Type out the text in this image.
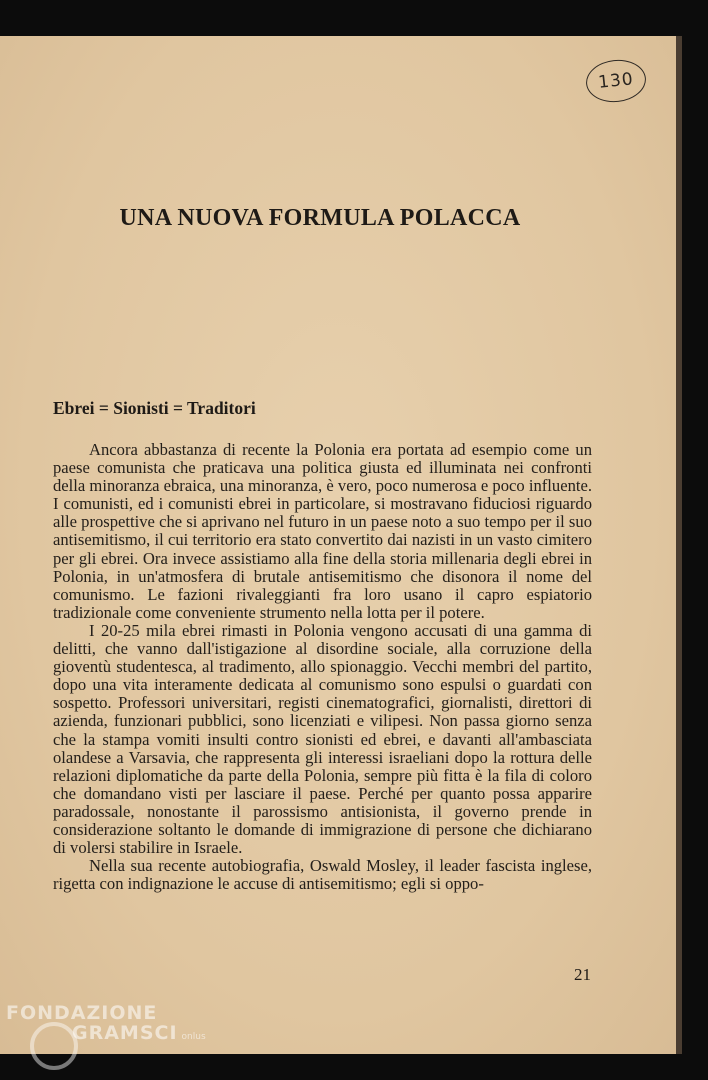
130
UNA NUOVA FORMULA POLACCA
Ebrei = Sionisti = Traditori

Ancora abbastanza di recente la Polonia era portata ad esempio come un paese comunista che praticava una politica giusta ed illuminata nei confronti della minoranza ebraica, una minoranza, è vero, poco numerosa e poco influente. I comunisti, ed i comunisti ebrei in particolare, si mostravano fiduciosi riguardo alle prospettive che si aprivano nel futuro in un paese noto a suo tempo per il suo antisemitismo, il cui territorio era stato convertito dai nazisti in un vasto cimitero per gli ebrei. Ora invece assistiamo alla fine della storia millenaria degli ebrei in Polonia, in un'atmosfera di brutale antisemitismo che disonora il nome del comunismo. Le fazioni rivaleggianti fra loro usano il capro espiatorio tradizionale come conveniente strumento nella lotta per il potere.

I 20-25 mila ebrei rimasti in Polonia vengono accusati di una gamma di delitti, che vanno dall'istigazione al disordine sociale, alla corruzione della gioventù studentesca, al tradimento, allo spionaggio. Vecchi membri del partito, dopo una vita interamente dedicata al comunismo sono espulsi o guardati con sospetto. Professori universitari, registi cinematografici, giornalisti, direttori di azienda, funzionari pubblici, sono licenziati e vilipesi. Non passa giorno senza che la stampa vomiti insulti contro sionisti ed ebrei, e davanti all'ambasciata olandese a Varsavia, che rappresenta gli interessi israeliani dopo la rottura delle relazioni diplomatiche da parte della Polonia, sempre più fitta è la fila di coloro che domandano visti per lasciare il paese. Perché per quanto possa apparire paradossale, nonostante il parossismo antisionista, il governo prende in considerazione soltanto le domande di immigrazione di persone che dichiarano di volersi stabilire in Israele.

Nella sua recente autobiografia, Oswald Mosley, il leader fascista inglese, rigetta con indignazione le accuse di antisemitismo; egli si oppo-

21

FONDAZIONE
GRAMSCI onlus
